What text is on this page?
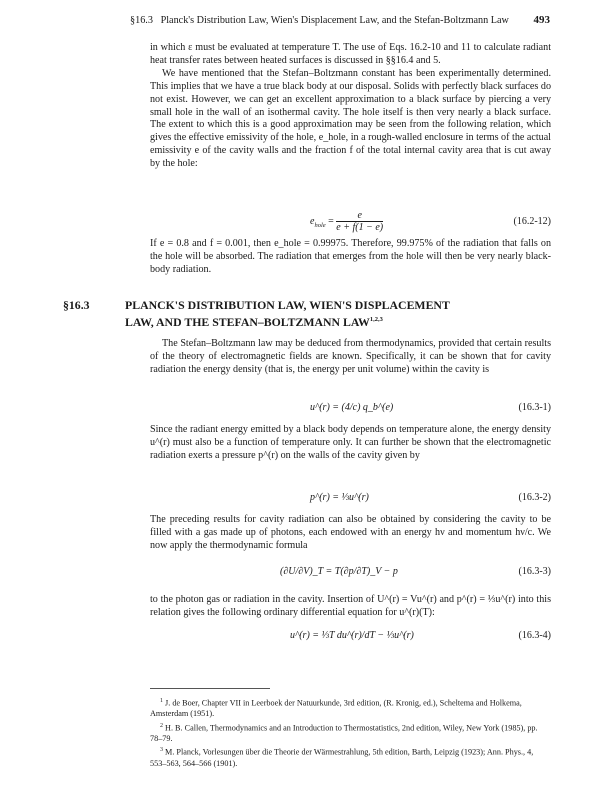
§16.3 Planck's Distribution Law, Wien's Displacement Law, and the Stefan-Boltzmann Law 493

in which ε must be evaluated at temperature T. The use of Eqs. 16.2-10 and 11 to calculate radiant heat transfer rates between heated surfaces is discussed in §§16.4 and 5.

We have mentioned that the Stefan–Boltzmann constant has been experimentally determined. This implies that we have a true black body at our disposal. Solids with perfectly black surfaces do not exist. However, we can get an excellent approximation to a black surface by piercing a very small hole in the wall of an isothermal cavity. The hole itself is then very nearly a black surface. The extent to which this is a good approximation may be seen from the following relation, which gives the effective emissivity of the hole, e_hole, in a rough-walled enclosure in terms of the actual emissivity e of the cavity walls and the fraction f of the total internal cavity area that is cut away by the hole:

$e_{hole} = \frac{e}{e + f(1 - e)}$	(16.2-12)

If e = 0.8 and f = 0.001, then e_hole = 0.99975. Therefore, 99.975% of the radiation that falls on the hole will be absorbed. The radiation that emerges from the hole will then be very nearly black-body radiation.

§16.3	PLANCK'S DISTRIBUTION LAW, WIEN'S DISPLACEMENT
LAW, AND THE STEFAN–BOLTZMANN LAW$^{1,2,3}$

The Stefan–Boltzmann law may be deduced from thermodynamics, provided that certain results of the theory of electromagnetic fields are known. Specifically, it can be shown that for cavity radiation the energy density (that is, the energy per unit volume) within the cavity is

u^(r) = (4/c) q_b^(e)	(16.3-1)

Since the radiant energy emitted by a black body depends on temperature alone, the energy density u^(r) must also be a function of temperature only. It can further be shown that the electromagnetic radiation exerts a pressure p^(r) on the walls of the cavity given by

p^(r) = ⅓u^(r)	(16.3-2)

The preceding results for cavity radiation can also be obtained by considering the cavity to be filled with a gas made up of photons, each endowed with an energy hν and momentum hν/c. We now apply the thermodynamic formula

(∂U/∂V)_T = T(∂p/∂T)_V − p	(16.3-3)

to the photon gas or radiation in the cavity. Insertion of U^(r) = Vu^(r) and p^(r) = ⅓u^(r) into this relation gives the following ordinary differential equation for u^(r)(T):

u^(r) = ⅓T du^(r)/dT − ⅓u^(r)	(16.3-4)

$^1$ J. de Boer, Chapter VII in Leerboek der Natuurkunde, 3rd edition, (R. Kronig, ed.), Scheltema and Holkema, Amsterdam (1951).

$^2$ H. B. Callen, Thermodynamics and an Introduction to Thermostatistics, 2nd edition, Wiley, New York (1985), pp. 78–79.

$^3$ M. Planck, Vorlesungen über die Theorie der Wärmestrahlung, 5th edition, Barth, Leipzig (1923); Ann. Phys., 4, 553–563, 564–566 (1901).
